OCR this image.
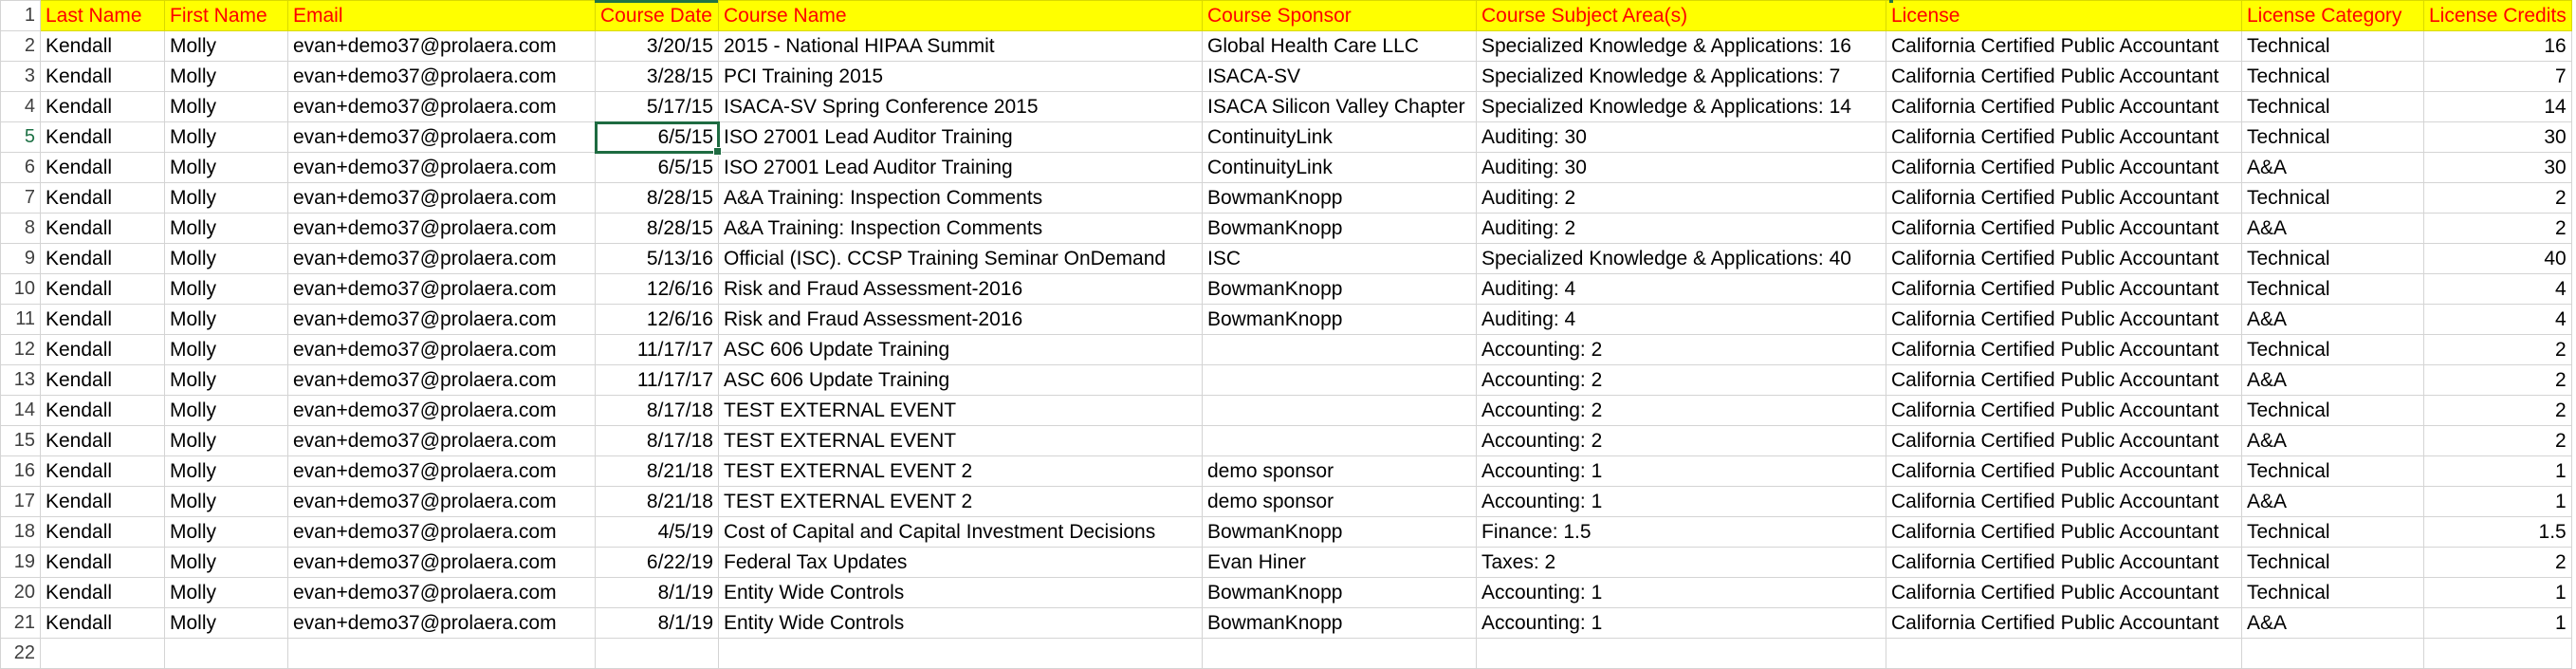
1	Last Name	First Name	Email	Course Date	Course Name	Course Sponsor	Course Subject Area(s)	License	License Category	License Credits
2	Kendall	Molly	evan+demo37@prolaera.com	3/20/15	2015 - National HIPAA Summit	Global Health Care LLC	Specialized Knowledge & Applications: 16	California Certified Public Accountant	Technical	16
3	Kendall	Molly	evan+demo37@prolaera.com	3/28/15	PCI Training 2015	ISACA-SV	Specialized Knowledge & Applications: 7	California Certified Public Accountant	Technical	7
4	Kendall	Molly	evan+demo37@prolaera.com	5/17/15	ISACA-SV Spring Conference 2015	ISACA Silicon Valley Chapter	Specialized Knowledge & Applications: 14	California Certified Public Accountant	Technical	14
5	Kendall	Molly	evan+demo37@prolaera.com	6/5/15	ISO 27001 Lead Auditor Training	ContinuityLink	Auditing: 30	California Certified Public Accountant	Technical	30
6	Kendall	Molly	evan+demo37@prolaera.com	6/5/15	ISO 27001 Lead Auditor Training	ContinuityLink	Auditing: 30	California Certified Public Accountant	A&A	30
7	Kendall	Molly	evan+demo37@prolaera.com	8/28/15	A&A Training: Inspection Comments	BowmanKnopp	Auditing: 2	California Certified Public Accountant	Technical	2
8	Kendall	Molly	evan+demo37@prolaera.com	8/28/15	A&A Training: Inspection Comments	BowmanKnopp	Auditing: 2	California Certified Public Accountant	A&A	2
9	Kendall	Molly	evan+demo37@prolaera.com	5/13/16	Official (ISC). CCSP Training Seminar OnDemand	ISC	Specialized Knowledge & Applications: 40	California Certified Public Accountant	Technical	40
10	Kendall	Molly	evan+demo37@prolaera.com	12/6/16	Risk and Fraud Assessment-2016	BowmanKnopp	Auditing: 4	California Certified Public Accountant	Technical	4
11	Kendall	Molly	evan+demo37@prolaera.com	12/6/16	Risk and Fraud Assessment-2016	BowmanKnopp	Auditing: 4	California Certified Public Accountant	A&A	4
12	Kendall	Molly	evan+demo37@prolaera.com	11/17/17	ASC 606 Update Training		Accounting: 2	California Certified Public Accountant	Technical	2
13	Kendall	Molly	evan+demo37@prolaera.com	11/17/17	ASC 606 Update Training		Accounting: 2	California Certified Public Accountant	A&A	2
14	Kendall	Molly	evan+demo37@prolaera.com	8/17/18	TEST EXTERNAL EVENT		Accounting: 2	California Certified Public Accountant	Technical	2
15	Kendall	Molly	evan+demo37@prolaera.com	8/17/18	TEST EXTERNAL EVENT		Accounting: 2	California Certified Public Accountant	A&A	2
16	Kendall	Molly	evan+demo37@prolaera.com	8/21/18	TEST EXTERNAL EVENT 2	demo sponsor	Accounting: 1	California Certified Public Accountant	Technical	1
17	Kendall	Molly	evan+demo37@prolaera.com	8/21/18	TEST EXTERNAL EVENT 2	demo sponsor	Accounting: 1	California Certified Public Accountant	A&A	1
18	Kendall	Molly	evan+demo37@prolaera.com	4/5/19	Cost of Capital and Capital Investment Decisions	BowmanKnopp	Finance: 1.5	California Certified Public Accountant	Technical	1.5
19	Kendall	Molly	evan+demo37@prolaera.com	6/22/19	Federal Tax Updates	Evan Hiner	Taxes: 2	California Certified Public Accountant	Technical	2
20	Kendall	Molly	evan+demo37@prolaera.com	8/1/19	Entity Wide Controls	BowmanKnopp	Accounting: 1	California Certified Public Accountant	Technical	1
21	Kendall	Molly	evan+demo37@prolaera.com	8/1/19	Entity Wide Controls	BowmanKnopp	Accounting: 1	California Certified Public Accountant	A&A	1
22										
